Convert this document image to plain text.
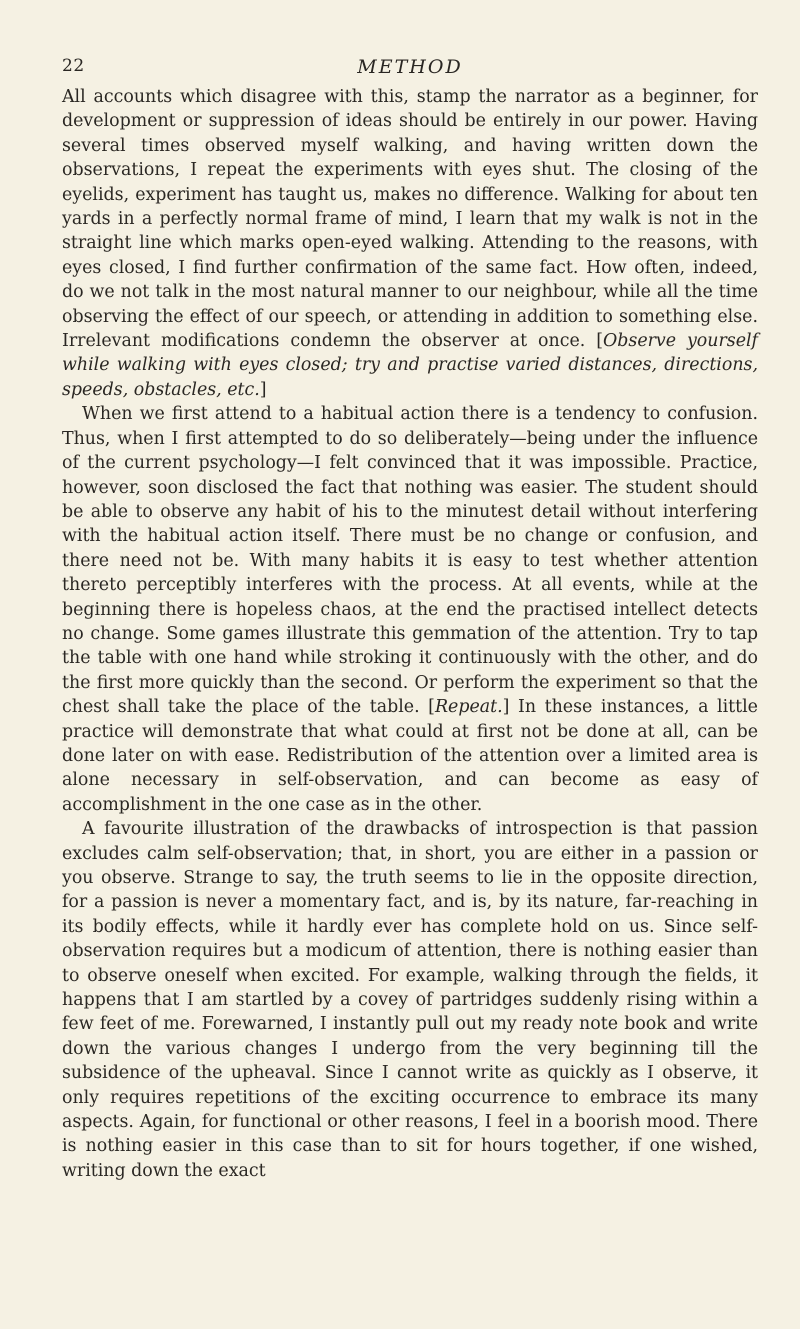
22	METHOD

All accounts which disagree with this, stamp the narrator as a beginner, for development or suppression of ideas should be entirely in our power. Having several times observed myself walking, and having written down the observations, I repeat the experiments with eyes shut. The closing of the eyelids, experiment has taught us, makes no difference. Walking for about ten yards in a perfectly normal frame of mind, I learn that my walk is not in the straight line which marks open-eyed walking. Attending to the reasons, with eyes closed, I find further confirmation of the same fact. How often, indeed, do we not talk in the most natural manner to our neighbour, while all the time observing the effect of our speech, or attending in addition to something else. Irrelevant modifications condemn the observer at once. [Observe yourself while walking with eyes closed; try and practise varied distances, directions, speeds, obstacles, etc.]

When we first attend to a habitual action there is a tendency to confusion. Thus, when I first attempted to do so deliberately—being under the influence of the current psychology—I felt convinced that it was impossible. Practice, however, soon disclosed the fact that nothing was easier. The student should be able to observe any habit of his to the minutest detail without interfering with the habitual action itself. There must be no change or confusion, and there need not be. With many habits it is easy to test whether attention thereto perceptibly interferes with the process. At all events, while at the beginning there is hopeless chaos, at the end the practised intellect detects no change. Some games illustrate this gemmation of the attention. Try to tap the table with one hand while stroking it continuously with the other, and do the first more quickly than the second. Or perform the experiment so that the chest shall take the place of the table. [Repeat.] In these instances, a little practice will demonstrate that what could at first not be done at all, can be done later on with ease. Redistribution of the attention over a limited area is alone necessary in self-observation, and can become as easy of accomplishment in the one case as in the other.

A favourite illustration of the drawbacks of introspection is that passion excludes calm self-observation; that, in short, you are either in a passion or you observe. Strange to say, the truth seems to lie in the opposite direction, for a passion is never a momentary fact, and is, by its nature, far-reaching in its bodily effects, while it hardly ever has complete hold on us. Since self-observation requires but a modicum of attention, there is nothing easier than to observe oneself when excited. For example, walking through the fields, it happens that I am startled by a covey of partridges suddenly rising within a few feet of me. Forewarned, I instantly pull out my ready note book and write down the various changes I undergo from the very beginning till the subsidence of the upheaval. Since I cannot write as quickly as I observe, it only requires repetitions of the exciting occurrence to embrace its many aspects. Again, for functional or other reasons, I feel in a boorish mood. There is nothing easier in this case than to sit for hours together, if one wished, writing down the exact
